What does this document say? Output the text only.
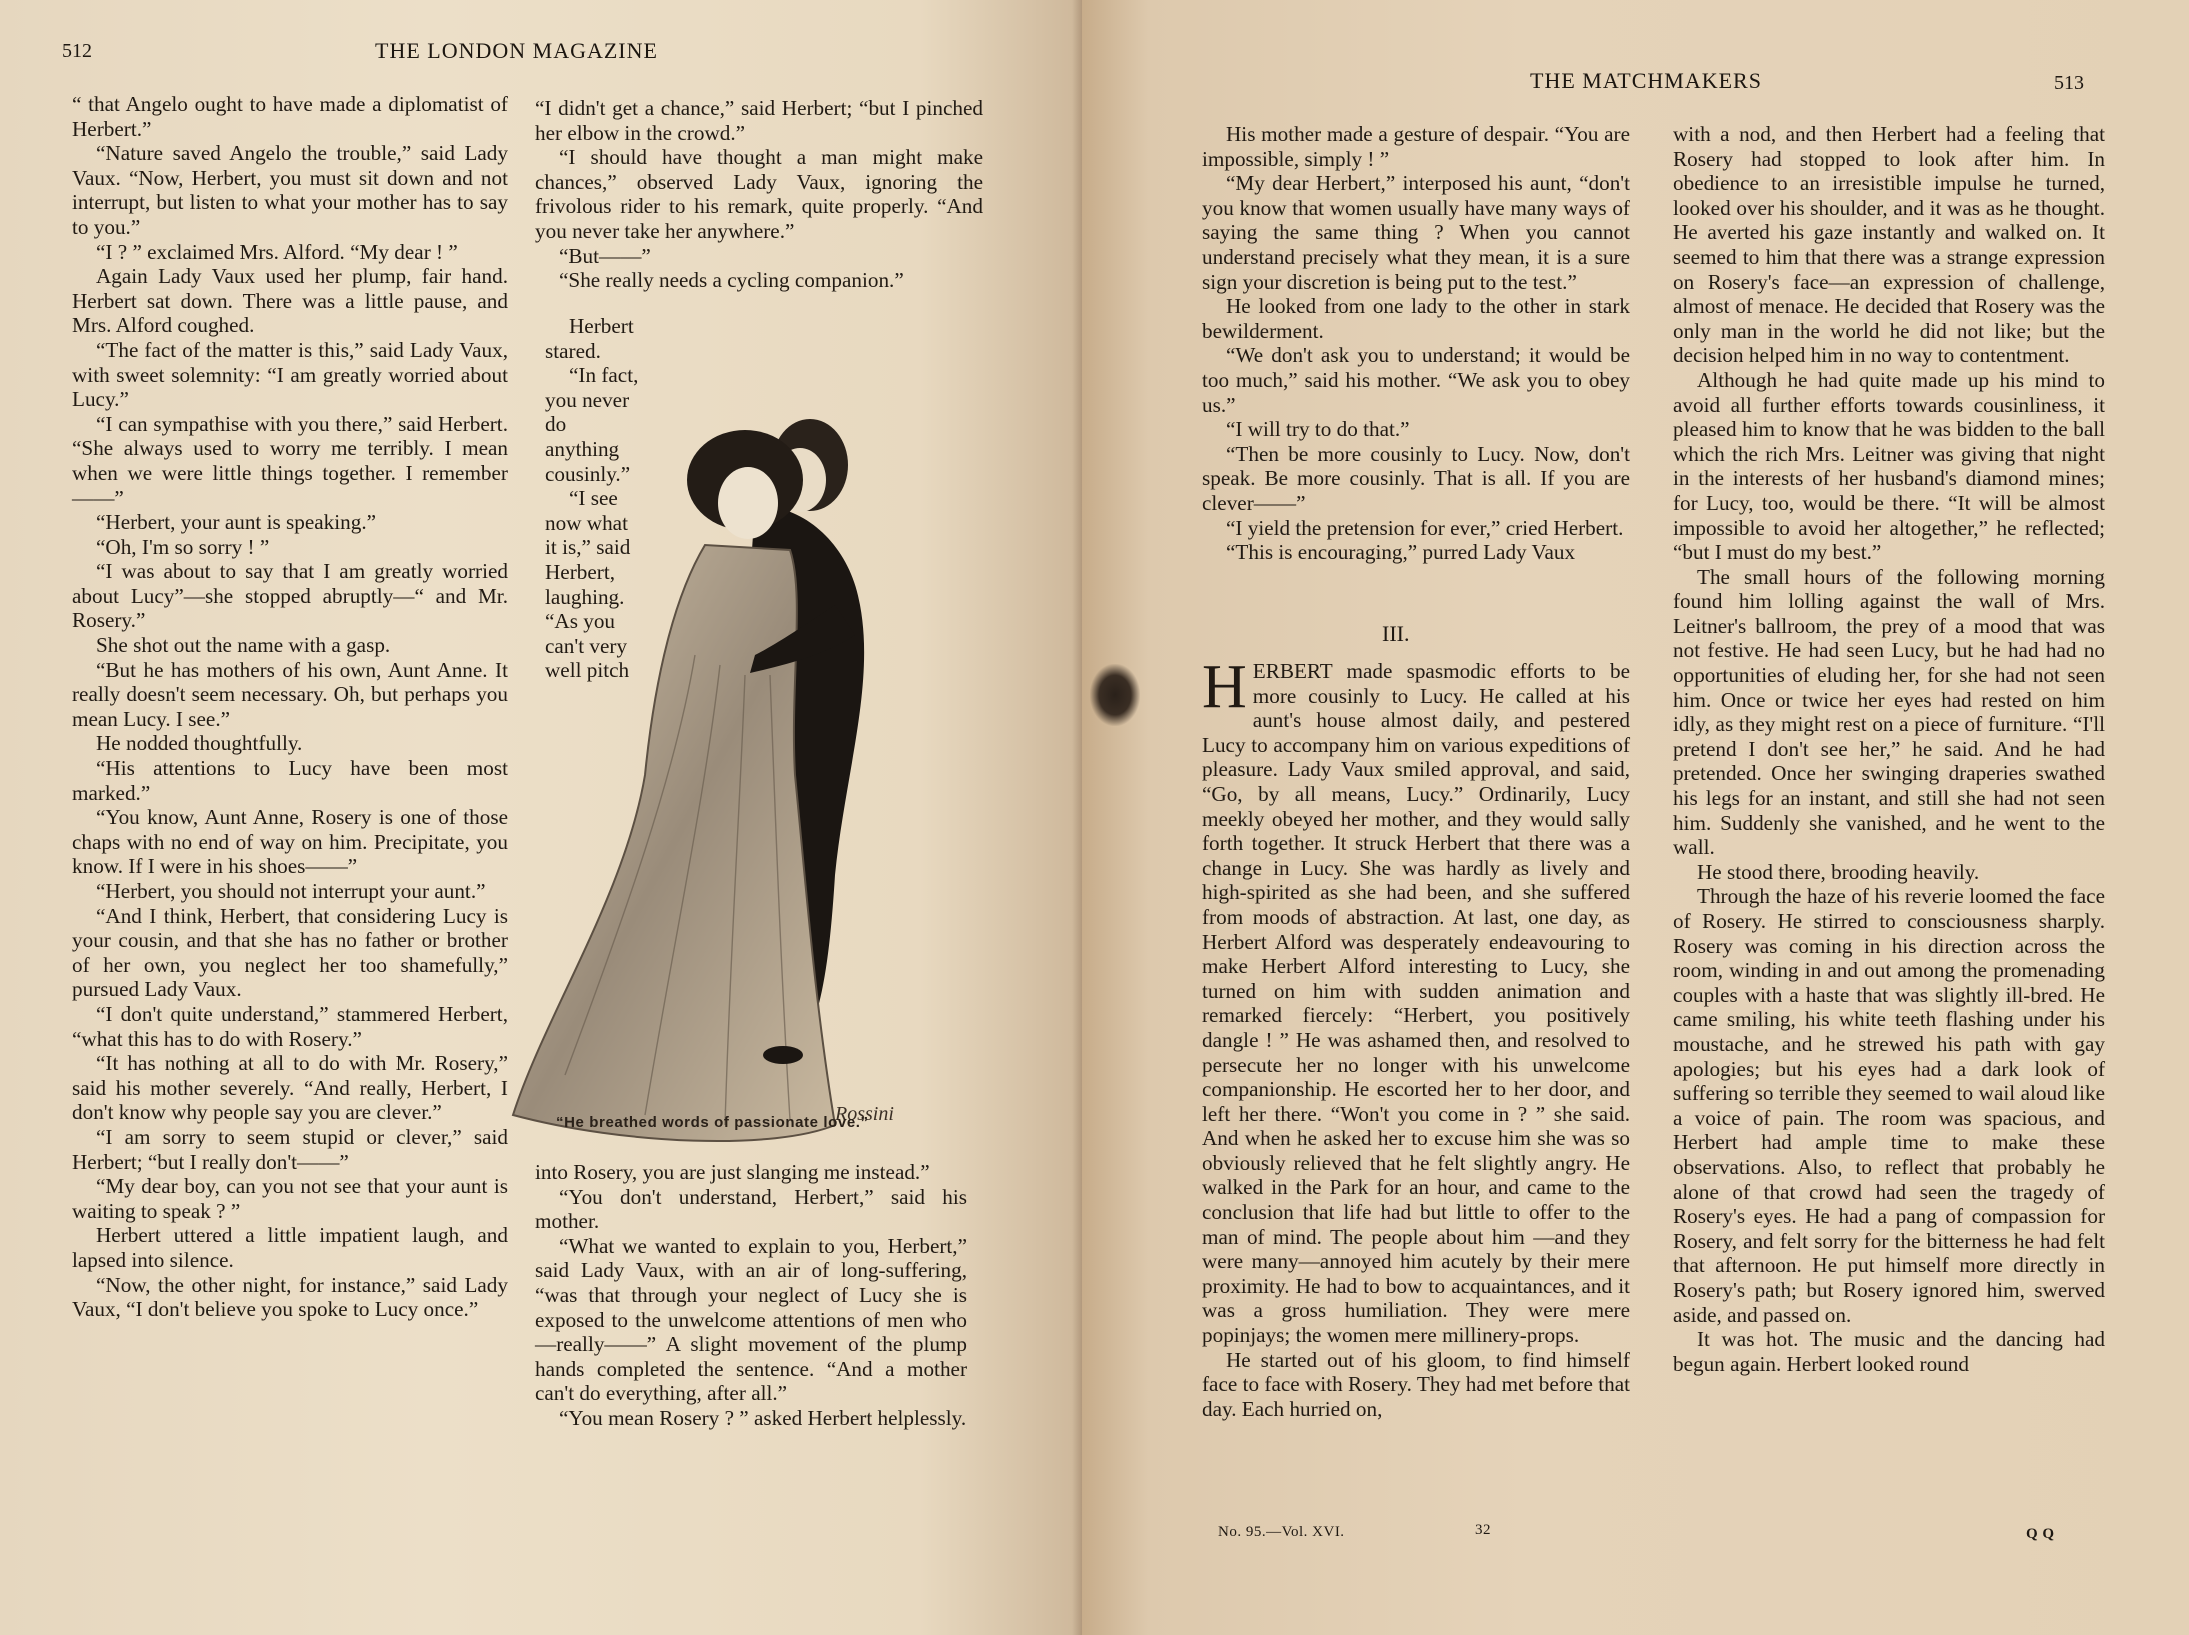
512	THE LONDON MAGAZINE

“ that Angelo ought to have made a diplomatist of Herbert.”

“Nature saved Angelo the trouble,” said Lady Vaux. “Now, Herbert, you must sit down and not interrupt, but listen to what your mother has to say to you.”

“I ? ” exclaimed Mrs. Alford. “My dear ! ”

Again Lady Vaux used her plump, fair hand. Herbert sat down. There was a little pause, and Mrs. Alford coughed.

“The fact of the matter is this,” said Lady Vaux, with sweet solemnity: “I am greatly worried about Lucy.”

“I can sympathise with you there,” said Herbert. “She always used to worry me terribly. I mean when we were little things together. I remember——”

“Herbert, your aunt is speaking.”

“Oh, I'm so sorry ! ”

“I was about to say that I am greatly worried about Lucy”—she stopped abruptly—“ and Mr. Rosery.”

She shot out the name with a gasp.

“But he has mothers of his own, Aunt Anne. It really doesn't seem necessary. Oh, but perhaps you mean Lucy. I see.”

He nodded thoughtfully.

“His attentions to Lucy have been most marked.”

“You know, Aunt Anne, Rosery is one of those chaps with no end of way on him. Precipitate, you know. If I were in his shoes——”

“Herbert, you should not interrupt your aunt.”

“And I think, Herbert, that considering Lucy is your cousin, and that she has no father or brother of her own, you neglect her too shamefully,” pursued Lady Vaux.

“I don't quite understand,” stammered Herbert, “what this has to do with Rosery.”

“It has nothing at all to do with Mr. Rosery,” said his mother severely. “And really, Herbert, I don't know why people say you are clever.”

“I am sorry to seem stupid or clever,” said Herbert; “but I really don't——”

“My dear boy, can you not see that your aunt is waiting to speak ? ”

Herbert uttered a little impatient laugh, and lapsed into silence.

“Now, the other night, for instance,” said Lady Vaux, “I don't believe you spoke to Lucy once.”

“I didn't get a chance,” said Herbert; “but I pinched her elbow in the crowd.”

“I should have thought a man might make chances,” observed Lady Vaux, ignoring the frivolous rider to his remark, quite properly. “And you never take her anywhere.”

“But——”

“She really needs a cycling companion.”

Herbert stared.

“In fact, you never do anything cousinly.”

“I see now what it is,” said Herbert, laughing. “As you can't very well pitch

Rossini
“He breathed words of passionate love.”

into Rosery, you are just slanging me instead.”

“You don't understand, Herbert,” said his mother.

“What we wanted to explain to you, Herbert,” said Lady Vaux, with an air of long-suffering, “was that through your neglect of Lucy she is exposed to the unwelcome attentions of men who—really——” A slight movement of the plump hands completed the sentence. “And a mother can't do everything, after all.”

“You mean Rosery ? ” asked Herbert helplessly.

THE MATCHMAKERS	513

His mother made a gesture of despair. “You are impossible, simply ! ”

“My dear Herbert,” interposed his aunt, “don't you know that women usually have many ways of saying the same thing ? When you cannot understand precisely what they mean, it is a sure sign your discretion is being put to the test.”

He looked from one lady to the other in stark bewilderment.

“We don't ask you to understand; it would be too much,” said his mother. “We ask you to obey us.”

“I will try to do that.”

“Then be more cousinly to Lucy. Now, don't speak. Be more cousinly. That is all. If you are clever——”

“I yield the pretension for ever,” cried Herbert.

“This is encouraging,” purred Lady Vaux

III.

HERBERT made spasmodic efforts to be more cousinly to Lucy. He called at his aunt's house almost daily, and pestered Lucy to accompany him on various expeditions of pleasure. Lady Vaux smiled approval, and said, “Go, by all means, Lucy.” Ordinarily, Lucy meekly obeyed her mother, and they would sally forth together. It struck Herbert that there was a change in Lucy. She was hardly as lively and high-spirited as she had been, and she suffered from moods of abstraction. At last, one day, as Herbert Alford was desperately endeavouring to make Herbert Alford interesting to Lucy, she turned on him with sudden animation and remarked fiercely: “Herbert, you positively dangle ! ” He was ashamed then, and resolved to persecute her no longer with his unwelcome companionship. He escorted her to her door, and left her there. “Won't you come in ? ” she said. And when he asked her to excuse him she was so obviously relieved that he felt slightly angry. He walked in the Park for an hour, and came to the conclusion that life had but little to offer to the man of mind. The people about him —and they were many—annoyed him acutely by their mere proximity. He had to bow to acquaintances, and it was a gross humiliation. They were mere popinjays; the women mere millinery-props.

He started out of his gloom, to find himself face to face with Rosery. They had met before that day. Each hurried on,

with a nod, and then Herbert had a feeling that Rosery had stopped to look after him. In obedience to an irresistible impulse he turned, looked over his shoulder, and it was as he thought. He averted his gaze instantly and walked on. It seemed to him that there was a strange expression on Rosery's face—an expression of challenge, almost of menace. He decided that Rosery was the only man in the world he did not like; but the decision helped him in no way to contentment.

Although he had quite made up his mind to avoid all further efforts towards cousinliness, it pleased him to know that he was bidden to the ball which the rich Mrs. Leitner was giving that night in the interests of her husband's diamond mines; for Lucy, too, would be there. “It will be almost impossible to avoid her altogether,” he reflected; “but I must do my best.”

The small hours of the following morning found him lolling against the wall of Mrs. Leitner's ballroom, the prey of a mood that was not festive. He had seen Lucy, but he had had no opportunities of eluding her, for she had not seen him. Once or twice her eyes had rested on him idly, as they might rest on a piece of furniture. “I'll pretend I don't see her,” he said. And he had pretended. Once her swinging draperies swathed his legs for an instant, and still she had not seen him. Suddenly she vanished, and he went to the wall.

He stood there, brooding heavily.

Through the haze of his reverie loomed the face of Rosery. He stirred to consciousness sharply. Rosery was coming in his direction across the room, winding in and out among the promenading couples with a haste that was slightly ill-bred. He came smiling, his white teeth flashing under his moustache, and he strewed his path with gay apologies; but his eyes had a dark look of suffering so terrible they seemed to wail aloud like a voice of pain. The room was spacious, and Herbert had ample time to make these observations. Also, to reflect that probably he alone of that crowd had seen the tragedy of Rosery's eyes. He had a pang of compassion for Rosery, and felt sorry for the bitterness he had felt that afternoon. He put himself more directly in Rosery's path; but Rosery ignored him, swerved aside, and passed on.

It was hot. The music and the dancing had begun again. Herbert looked round

No. 95.—Vol. XVI.	32	Q Q
